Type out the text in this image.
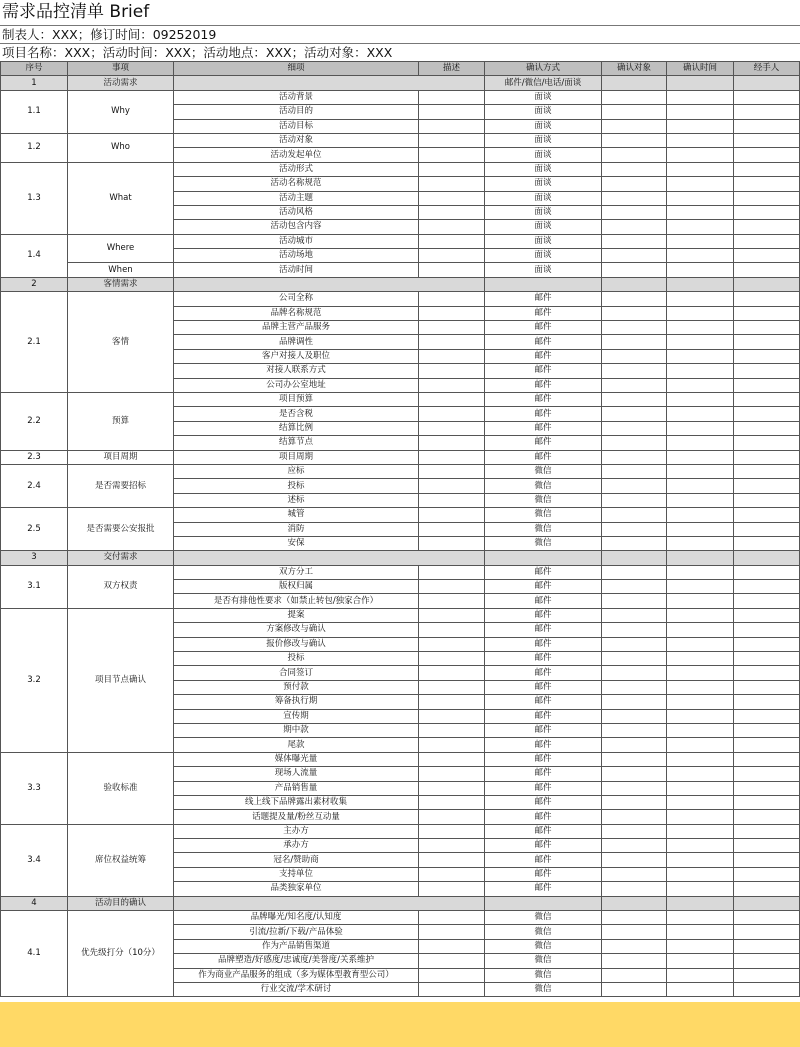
需求品控清单 Brief
制表人：XXX；修订时间：09252019
项目名称：XXX；活动时间：XXX；活动地点：XXX；活动对象：XXX
序号	事项	细项	描述	确认方式	确认对象	确认时间	经手人
1	活动需求			邮件/微信/电话/面谈			
1.1	Why	活动背景		面谈			
		活动目的		面谈			
		活动目标		面谈			
1.2	Who	活动对象		面谈			
		活动发起单位		面谈			
1.3	What	活动形式		面谈			
		活动名称规范		面谈			
		活动主题		面谈			
		活动风格		面谈			
		活动包含内容		面谈			
1.4	Where	活动城市		面谈			
		活动场地		面谈			
	When	活动时间		面谈			
2	客情需求						
2.1	客情	公司全称		邮件			
		品牌名称规范		邮件			
		品牌主营产品服务		邮件			
		品牌调性		邮件			
		客户对接人及职位		邮件			
		对接人联系方式		邮件			
		公司办公室地址		邮件			
2.2	预算	项目预算		邮件			
		是否含税		邮件			
		结算比例		邮件			
		结算节点		邮件			
2.3	项目周期	项目周期		邮件			
2.4	是否需要招标	应标		微信			
		投标		微信			
		述标		微信			
2.5	是否需要公安报批	城管		微信			
		消防		微信			
		安保		微信			
3	交付需求						
3.1	双方权责	双方分工		邮件			
		版权归属		邮件			
		是否有排他性要求（如禁止转包/独家合作）		邮件			
3.2	项目节点确认	提案		邮件			
		方案修改与确认		邮件			
		报价修改与确认		邮件			
		投标		邮件			
		合同签订		邮件			
		预付款		邮件			
		筹备执行期		邮件			
		宣传期		邮件			
		期中款		邮件			
		尾款		邮件			
3.3	验收标准	媒体曝光量		邮件			
		现场人流量		邮件			
		产品销售量		邮件			
		线上线下品牌露出素材收集		邮件			
		话题提及量/粉丝互动量		邮件			
3.4	席位权益统筹	主办方		邮件			
		承办方		邮件			
		冠名/赞助商		邮件			
		支持单位		邮件			
		品类独家单位		邮件			
4	活动目的确认						
4.1	优先级打分（10分）	品牌曝光/知名度/认知度		微信			
		引流/拉新/下载/产品体验		微信			
		作为产品销售渠道		微信			
		品牌塑造/好感度/忠诚度/美誉度/关系维护		微信			
		作为商业产品服务的组成（多为媒体型教育型公司）		微信			
		行业交流/学术研讨		微信			
